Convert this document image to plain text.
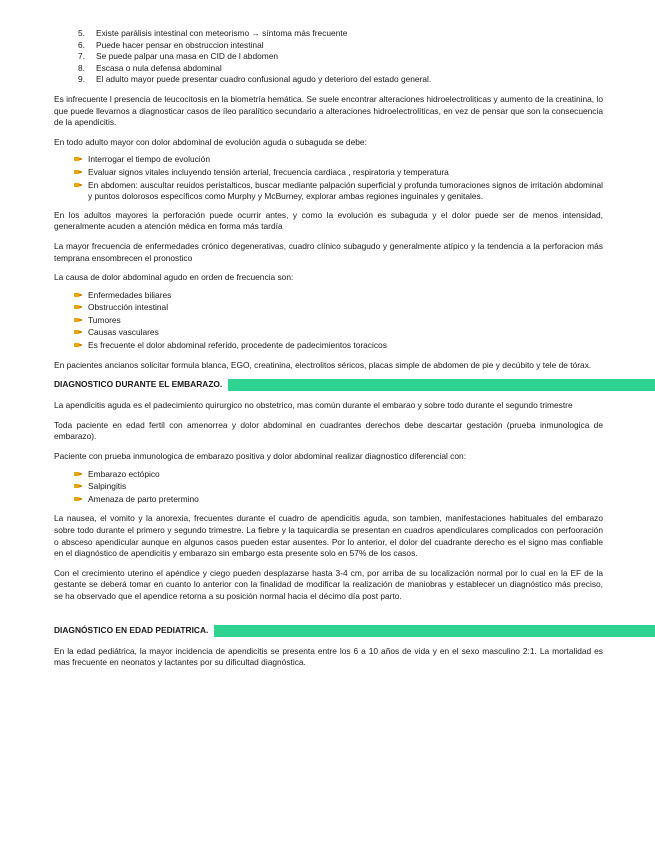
5.	Existe parálisis intestinal con meteorismo → síntoma más frecuente
6.	Puede hacer pensar en obstruccion intestinal
7.	Se puede palpar una masa en CID de l abdomen
8.	Escasa o nula defensa abdominal
9.	El adulto mayor puede presentar cuadro confusional agudo y deterioro del estado general.

Es infrecuente l presencia de leucocitosis en la biometría hemática. Se suele encontrar alteraciones hidroelectroliticas y aumento de la creatinina, lo que puede llevarnos a diagnosticar casos de íleo paralítico secundario a alteraciones hidroelectrolíticas, en vez de pensar que son la consecuencia de la apendicitis.

En todo adulto mayor con dolor abdominal de evolución aguda o subaguda se debe:

Interrogar el tiempo de evolución
Evaluar signos vitales incluyendo tensión arterial, frecuencia cardiaca , respiratoria y temperatura
En abdomen: auscultar reuidos peristalticos, buscar mediante palpación superficial y profunda tumoraciones signos de irritación abdominal y puntos dolorosos específicos como Murphy y McBurney, explorar ambas regiones inguinales y genitales.

En los adultos mayores la perforación puede ocurrir antes, y como la evolución es subaguda y el dolor puede ser de menos intensidad, generalmente acuden a atención médica en forma más tardía

La mayor frecuencia de enfermedades crónico degenerativas, cuadro clínico subagudo y generalmente atípico y la tendencia a la perforacion más temprana ensombrecen el pronostico

La causa de dolor abdominal agudo en orden de frecuencia son:

Enfermedades biliares
Obstrucción intestinal
Tumores
Causas vasculares
Es frecuente el dolor abdominal referido, procedente de padecimientos toracicos

En pacientes ancianos solicitar formula blanca, EGO, creatinina, electrolitos séricos, placas simple de abdomen de pie y decúbito y tele de tórax.

DIAGNOSTICO DURANTE EL EMBARAZO.

La apendicitis aguda es el padecimiento quirurgico no obstetrico, mas común durante el embarao y sobre todo durante el segundo trimestre

Toda paciente en edad fertil con amenorrea y dolor abdominal en cuadrantes derechos debe descartar gestación (prueba inmunologica de embarazo).

Paciente con prueba inmunologica de embarazo positiva y dolor abdominal realizar diagnostico diferencial con:

Embarazo ectópico
Salpingitis
Amenaza de parto pretermino

La nausea, el vomito y la anorexia, frecuentes durante el cuadro de apendicitis aguda, son tambien, manifestaciones habituales del embarazo sobre todo durante el primero y segundo trimestre. La fiebre y la taquicardia se presentan en cuadros apendiculares complicados con perfooración o absceso apendicular aunque en algunos casos pueden estar ausentes. Por lo anterior, el dolor del cuadrante derecho es el signo mas confiable en el diagnóstico de apendicitis y embarazo sin embargo esta presente solo en 57% de los casos.

Con el crecimiento uterino el apéndice y ciego pueden desplazarse hasta 3-4 cm, por arriba de su localización normal por lo cual en la EF de la gestante se deberá tomar en cuanto lo anterior con la finalidad de modificar la realización de maniobras y establecer un diagnóstico más preciso, se ha observado que el apendice retorna a su posición normal hacia el décimo día post parto.

DIAGNÓSTICO EN EDAD PEDIATRICA.

En la edad pediátrica, la mayor incidencia de apendicitis se presenta entre los 6 a 10 años de vida y en el sexo masculino 2:1. La mortalidad es mas frecuente en neonatos y lactantes por su dificultad diagnóstica.
